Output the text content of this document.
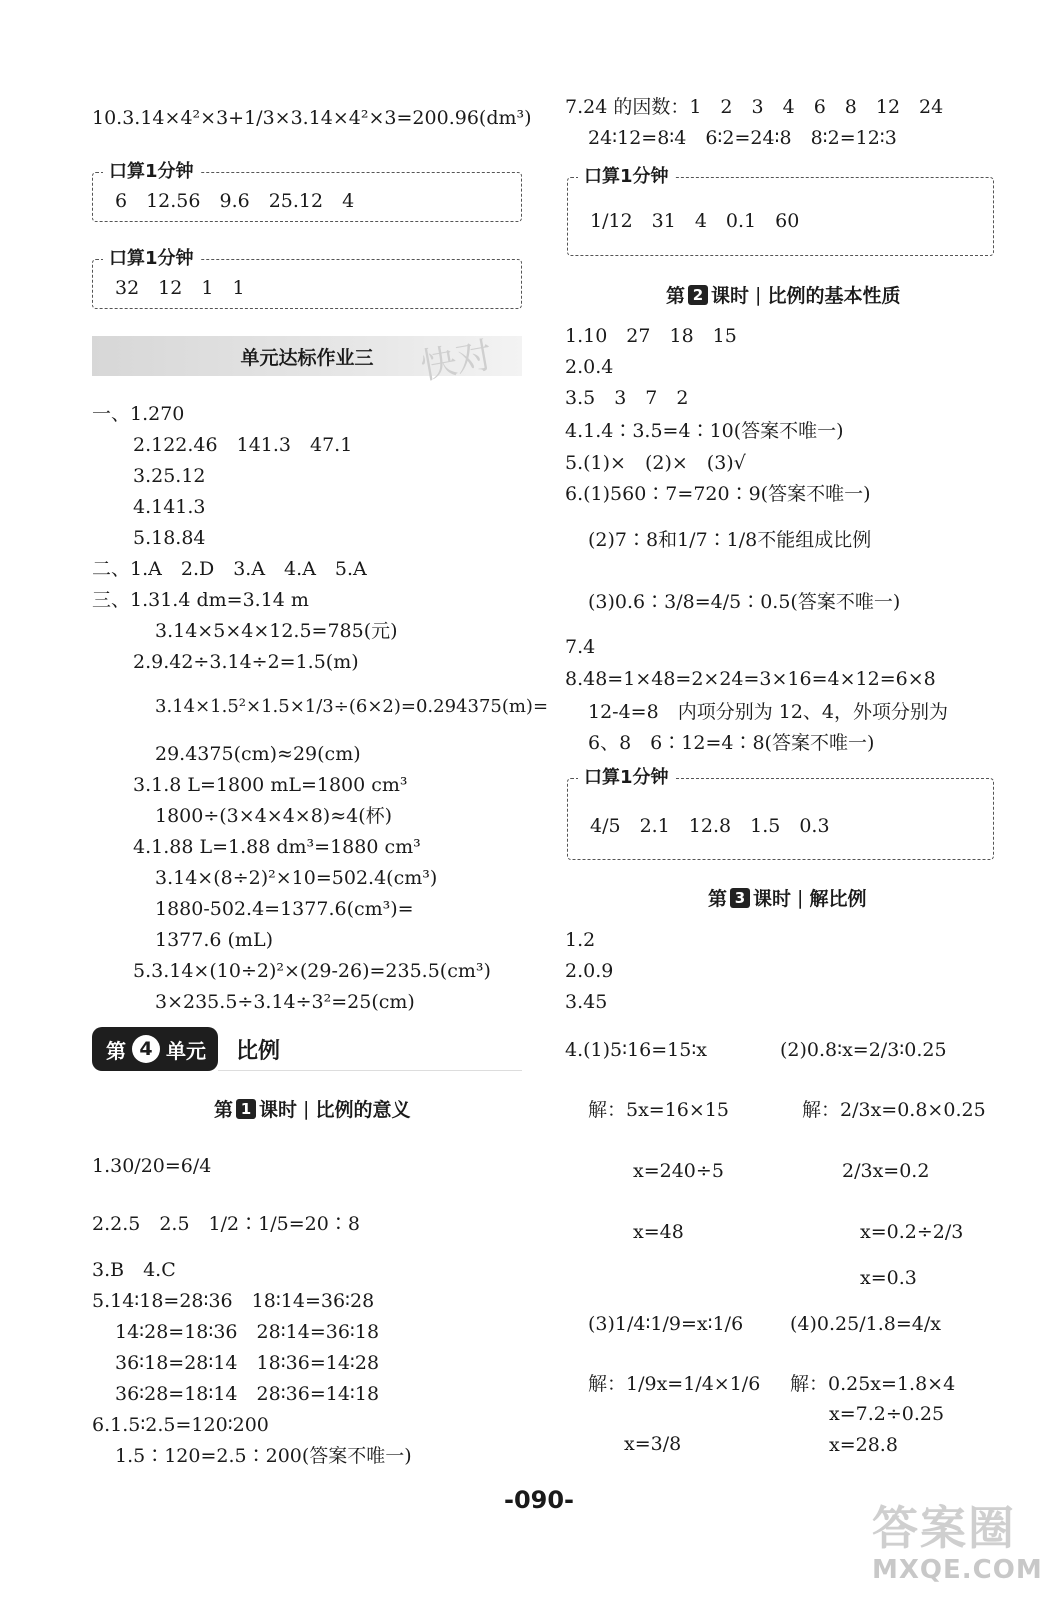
10.3.14×4²×3+1/3×3.14×4²×3=200.96(dm³)
口算1分钟
6　12.56　9.6　25.12　4
口算1分钟
32　12　1　1
单元达标作业三 快对
一、1.270
2.122.46　141.3　47.1
3.25.12
4.141.3
5.18.84
二、1.A　2.D　3.A　4.A　5.A
三、1.31.4 dm=3.14 m
3.14×5×4×12.5=785(元)
2.9.42÷3.14÷2=1.5(m)
3.14×1.5²×1.5×1/3÷(6×2)=0.294375(m)=
29.4375(cm)≈29(cm)
3.1.8 L=1800 mL=1800 cm³
1800÷(3×4×4×8)≈4(杯)
4.1.88 L=1.88 dm³=1880 cm³
3.14×(8÷2)²×10=502.4(cm³)
1880-502.4=1377.6(cm³)=
1377.6 (mL)
5.3.14×(10÷2)²×(29-26)=235.5(cm³)
3×235.5÷3.14÷3²=25(cm)
第 4 单元 比例
第 1 课时 | 比例的意义
1.30/20=6/4
2.2.5　2.5　1/2∶1/5=20∶8
3.B　4.C
5.14∶18=28∶36　18∶14=36∶28
14∶28=18∶36　28∶14=36∶18
36∶18=28∶14　18∶36=14∶28
36∶28=18∶14　28∶36=14∶18
6.1.5∶2.5=120∶200
1.5∶120=2.5∶200(答案不唯一)
7.24 的因数：1　2　3　4　6　8　12　24
24∶12=8∶4　6∶2=24∶8　8∶2=12∶3
口算1分钟
1/12　31　4　0.1　60
第 2 课时 | 比例的基本性质
1.10　27　18　15
2.0.4
3.5　3　7　2
4.1.4∶3.5=4∶10(答案不唯一)
5.(1)×　(2)×　(3)√
6.(1)560∶7=720∶9(答案不唯一)
(2)7∶8和1/7∶1/8不能组成比例
(3)0.6∶3/8=4/5∶0.5(答案不唯一)
7.4
8.48=1×48=2×24=3×16=4×12=6×8
12-4=8　内项分别为 12、4，外项分别为
6、8　6∶12=4∶8(答案不唯一)
口算1分钟
4/5　2.1　12.8　1.5　0.3
第 3 课时 | 解比例
1.2
2.0.9
3.45
4.(1)5∶16=15∶x	(2)0.8∶x=2/3∶0.25
解：5x=16×15
x=240÷5
x=48
解：2/3x=0.8×0.25
2/3x=0.2
x=0.2÷2/3
x=0.3
(3)1/4∶1/9=x∶1/6
解：1/9x=1/4×1/6
x=3/8
(4)0.25/1.8=4/x
解：0.25x=1.8×4
x=7.2÷0.25
x=28.8
-090-
答案圈
MXQE.COM
